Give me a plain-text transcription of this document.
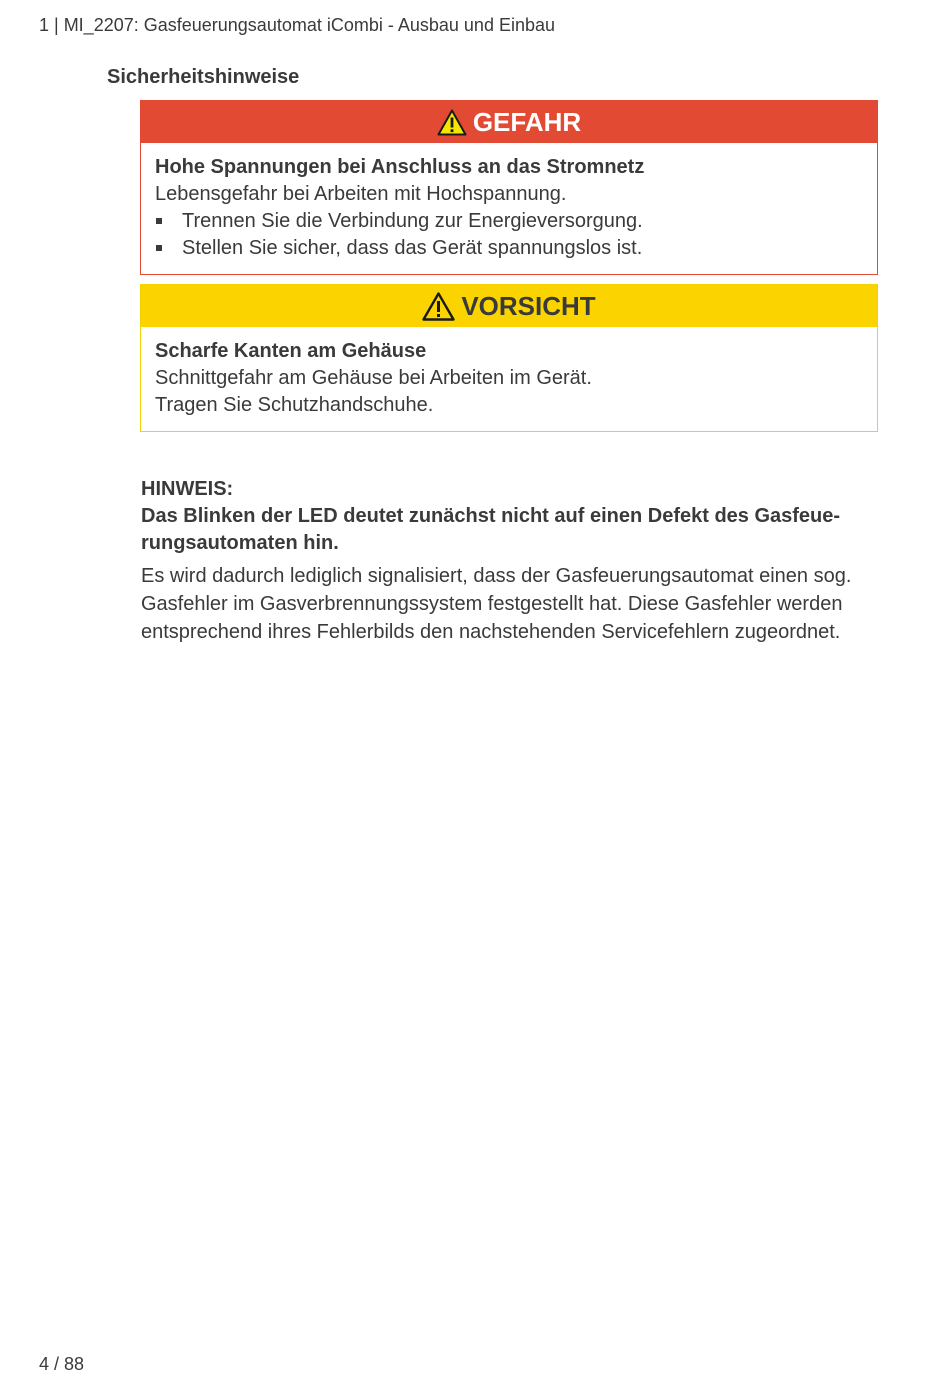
1 | MI_2207: Gasfeuerungsautomat iCombi - Ausbau und Einbau
Sicherheitshinweise
GEFAHR
Hohe Spannungen bei Anschluss an das Stromnetz
Lebensgefahr bei Arbeiten mit Hochspannung.
Trennen Sie die Verbindung zur Energieversorgung.
Stellen Sie sicher, dass das Gerät spannungslos ist.
VORSICHT
Scharfe Kanten am Gehäuse
Schnittgefahr am Gehäuse bei Arbeiten im Gerät.
Tragen Sie Schutzhandschuhe.
HINWEIS:
Das Blinken der LED deutet zunächst nicht auf einen Defekt des Gasfeuerungsautomaten hin.
Es wird dadurch lediglich signalisiert, dass der Gasfeuerungsautomat einen sog. Gasfehler im Gasverbrennungssystem festgestellt hat. Diese Gasfehler werden entsprechend ihres Fehlerbilds den nachstehenden Servicefehlern zugeordnet.
4 / 88
